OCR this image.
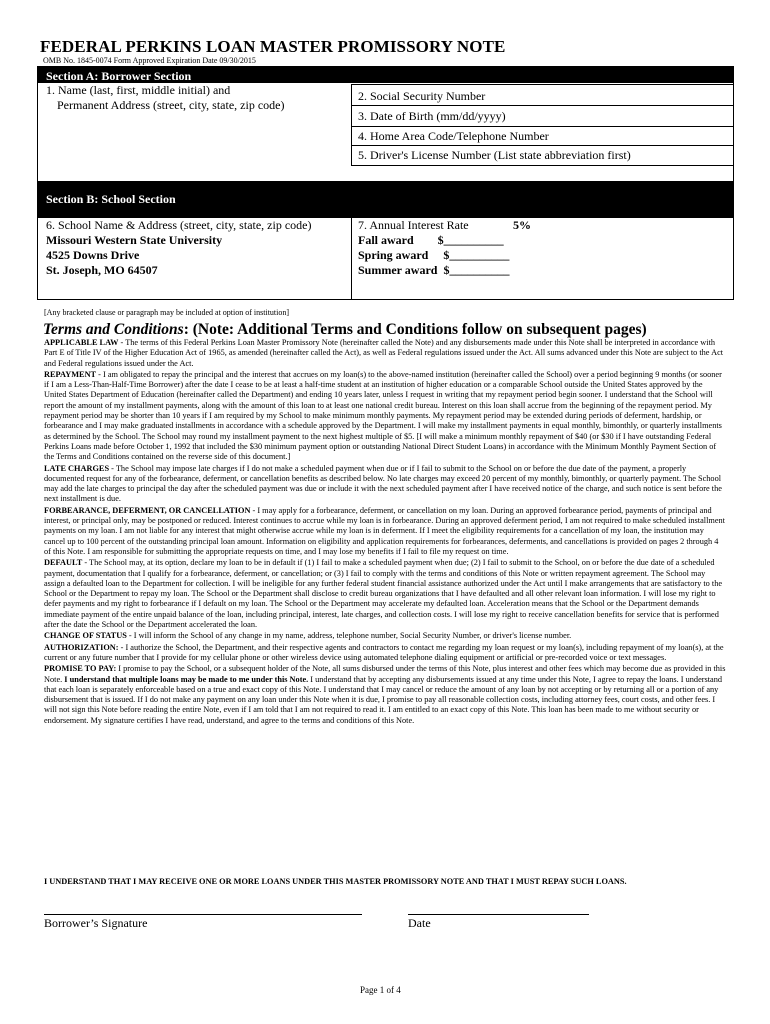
FEDERAL PERKINS LOAN MASTER PROMISSORY NOTE
OMB No. 1845-0074 Form Approved Expiration Date 09/30/2015
Section A: Borrower Section
1. Name (last, first, middle initial) and
Permanent Address (street, city, state, zip code)
2. Social Security Number
3. Date of Birth (mm/dd/yyyy)
4. Home Area Code/Telephone Number
5. Driver's License Number (List state abbreviation first)
Section B: School Section
6. School Name & Address (street, city, state, zip code)
Missouri Western State University
4525 Downs Drive
St. Joseph, MO 64507
7. Annual Interest Rate	5%
Fall award        $__________
Spring award     $__________
Summer award  $__________
[Any bracketed clause or paragraph may be included at option of institution]
Terms and Conditions: (Note: Additional Terms and Conditions follow on subsequent pages)

APPLICABLE LAW - The terms of this Federal Perkins Loan Master Promissory Note (hereinafter called the Note) and any disbursements made under this Note shall be interpreted in accordance with Part E of Title IV of the Higher Education Act of 1965, as amended (hereinafter called the Act), as well as Federal regulations issued under the Act. All sums advanced under this Note are subject to the Act and Federal regulations issued under the Act.

REPAYMENT - I am obligated to repay the principal and the interest that accrues on my loan(s) to the above-named institution (hereinafter called the School) over a period beginning 9 months (or sooner if I am a Less-Than-Half-Time Borrower) after the date I cease to be at least a half-time student at an institution of higher education or a comparable School outside the United States approved by the United States Department of Education (hereinafter called the Department) and ending 10 years later, unless I request in writing that my repayment period begin sooner. I understand that the School will report the amount of my installment payments, along with the amount of this loan to at least one national credit bureau. Interest on this loan shall accrue from the beginning of the repayment period. My repayment period may be shorter than 10 years if I am required by my School to make minimum monthly payments. My repayment period may be extended during periods of deferment, hardship, or forbearance and I may make graduated installments in accordance with a schedule approved by the Department. I will make my installment payments in equal monthly, bimonthly, or quarterly installments as determined by the School. The School may round my installment payment to the next highest multiple of $5. [I will make a minimum monthly repayment of $40 (or $30 if I have outstanding Federal Perkins Loans made before October 1, 1992 that included the $30 minimum payment option or outstanding National Direct Student Loans) in accordance with the Minimum Monthly Payment Section of the Terms and Conditions contained on the reverse side of this document.]

LATE CHARGES - The School may impose late charges if I do not make a scheduled payment when due or if I fail to submit to the School on or before the due date of the payment, a properly documented request for any of the forbearance, deferment, or cancellation benefits as described below. No late charges may exceed 20 percent of my monthly, bimonthly, or quarterly payment. The School may add the late charges to principal the day after the scheduled payment was due or include it with the next scheduled payment after I have received notice of the charge, and such notice is sent before the next installment is due.

FORBEARANCE, DEFERMENT, OR CANCELLATION - I may apply for a forbearance, deferment, or cancellation on my loan. During an approved forbearance period, payments of principal and interest, or principal only, may be postponed or reduced. Interest continues to accrue while my loan is in forbearance. During an approved deferment period, I am not required to make scheduled installment payments on my loan. I am not liable for any interest that might otherwise accrue while my loan is in deferment. If I meet the eligibility requirements for a cancellation of my loan, the institution may cancel up to 100 percent of the outstanding principal loan amount. Information on eligibility and application requirements for forbearances, deferments, and cancellations is provided on pages 2 through 4 of this Note. I am responsible for submitting the appropriate requests on time, and I may lose my benefits if I fail to file my request on time.

DEFAULT - The School may, at its option, declare my loan to be in default if (1) I fail to make a scheduled payment when due; (2) I fail to submit to the School, on or before the due date of a scheduled payment, documentation that I qualify for a forbearance, deferment, or cancellation; or (3) I fail to comply with the terms and conditions of this Note or written repayment agreement. The School may assign a defaulted loan to the Department for collection. I will be ineligible for any further federal student financial assistance authorized under the Act until I make arrangements that are satisfactory to the School or the Department to repay my loan. The School or the Department shall disclose to credit bureau organizations that I have defaulted and all other relevant loan information. I will lose my right to defer payments and my right to forbearance if I default on my loan. The School or the Department may accelerate my defaulted loan. Acceleration means that the School or the Department demands immediate payment of the entire unpaid balance of the loan, including principal, interest, late charges, and collection costs. I will lose my right to receive cancellation benefits for service that is performed after the date the School or the Department accelerated the loan.

CHANGE OF STATUS - I will inform the School of any change in my name, address, telephone number, Social Security Number, or driver's license number.

AUTHORIZATION: - I authorize the School, the Department, and their respective agents and contractors to contact me regarding my loan request or my loan(s), including repayment of my loan(s), at the current or any future number that I provide for my cellular phone or other wireless device using automated telephone dialing equipment or artificial or pre-recorded voice or text messages.

PROMISE TO PAY: I promise to pay the School, or a subsequent holder of the Note, all sums disbursed under the terms of this Note, plus interest and other fees which may become due as provided in this Note. I understand that multiple loans may be made to me under this Note. I understand that by accepting any disbursements issued at any time under this Note, I agree to repay the loans. I understand that each loan is separately enforceable based on a true and exact copy of this Note. I understand that I may cancel or reduce the amount of any loan by not accepting or by returning all or a portion of any disbursement that is issued. If I do not make any payment on any loan under this Note when it is due, I promise to pay all reasonable collection costs, including attorney fees, court costs, and other fees. I will not sign this Note before reading the entire Note, even if I am told that I am not required to read it. I am entitled to an exact copy of this Note. This loan has been made to me without security or endorsement. My signature certifies I have read, understand, and agree to the terms and conditions of this Note.

I UNDERSTAND THAT I MAY RECEIVE ONE OR MORE LOANS UNDER THIS MASTER PROMISSORY NOTE AND THAT I MUST REPAY SUCH LOANS.
Borrower’s Signature	Date
Page 1 of 4
